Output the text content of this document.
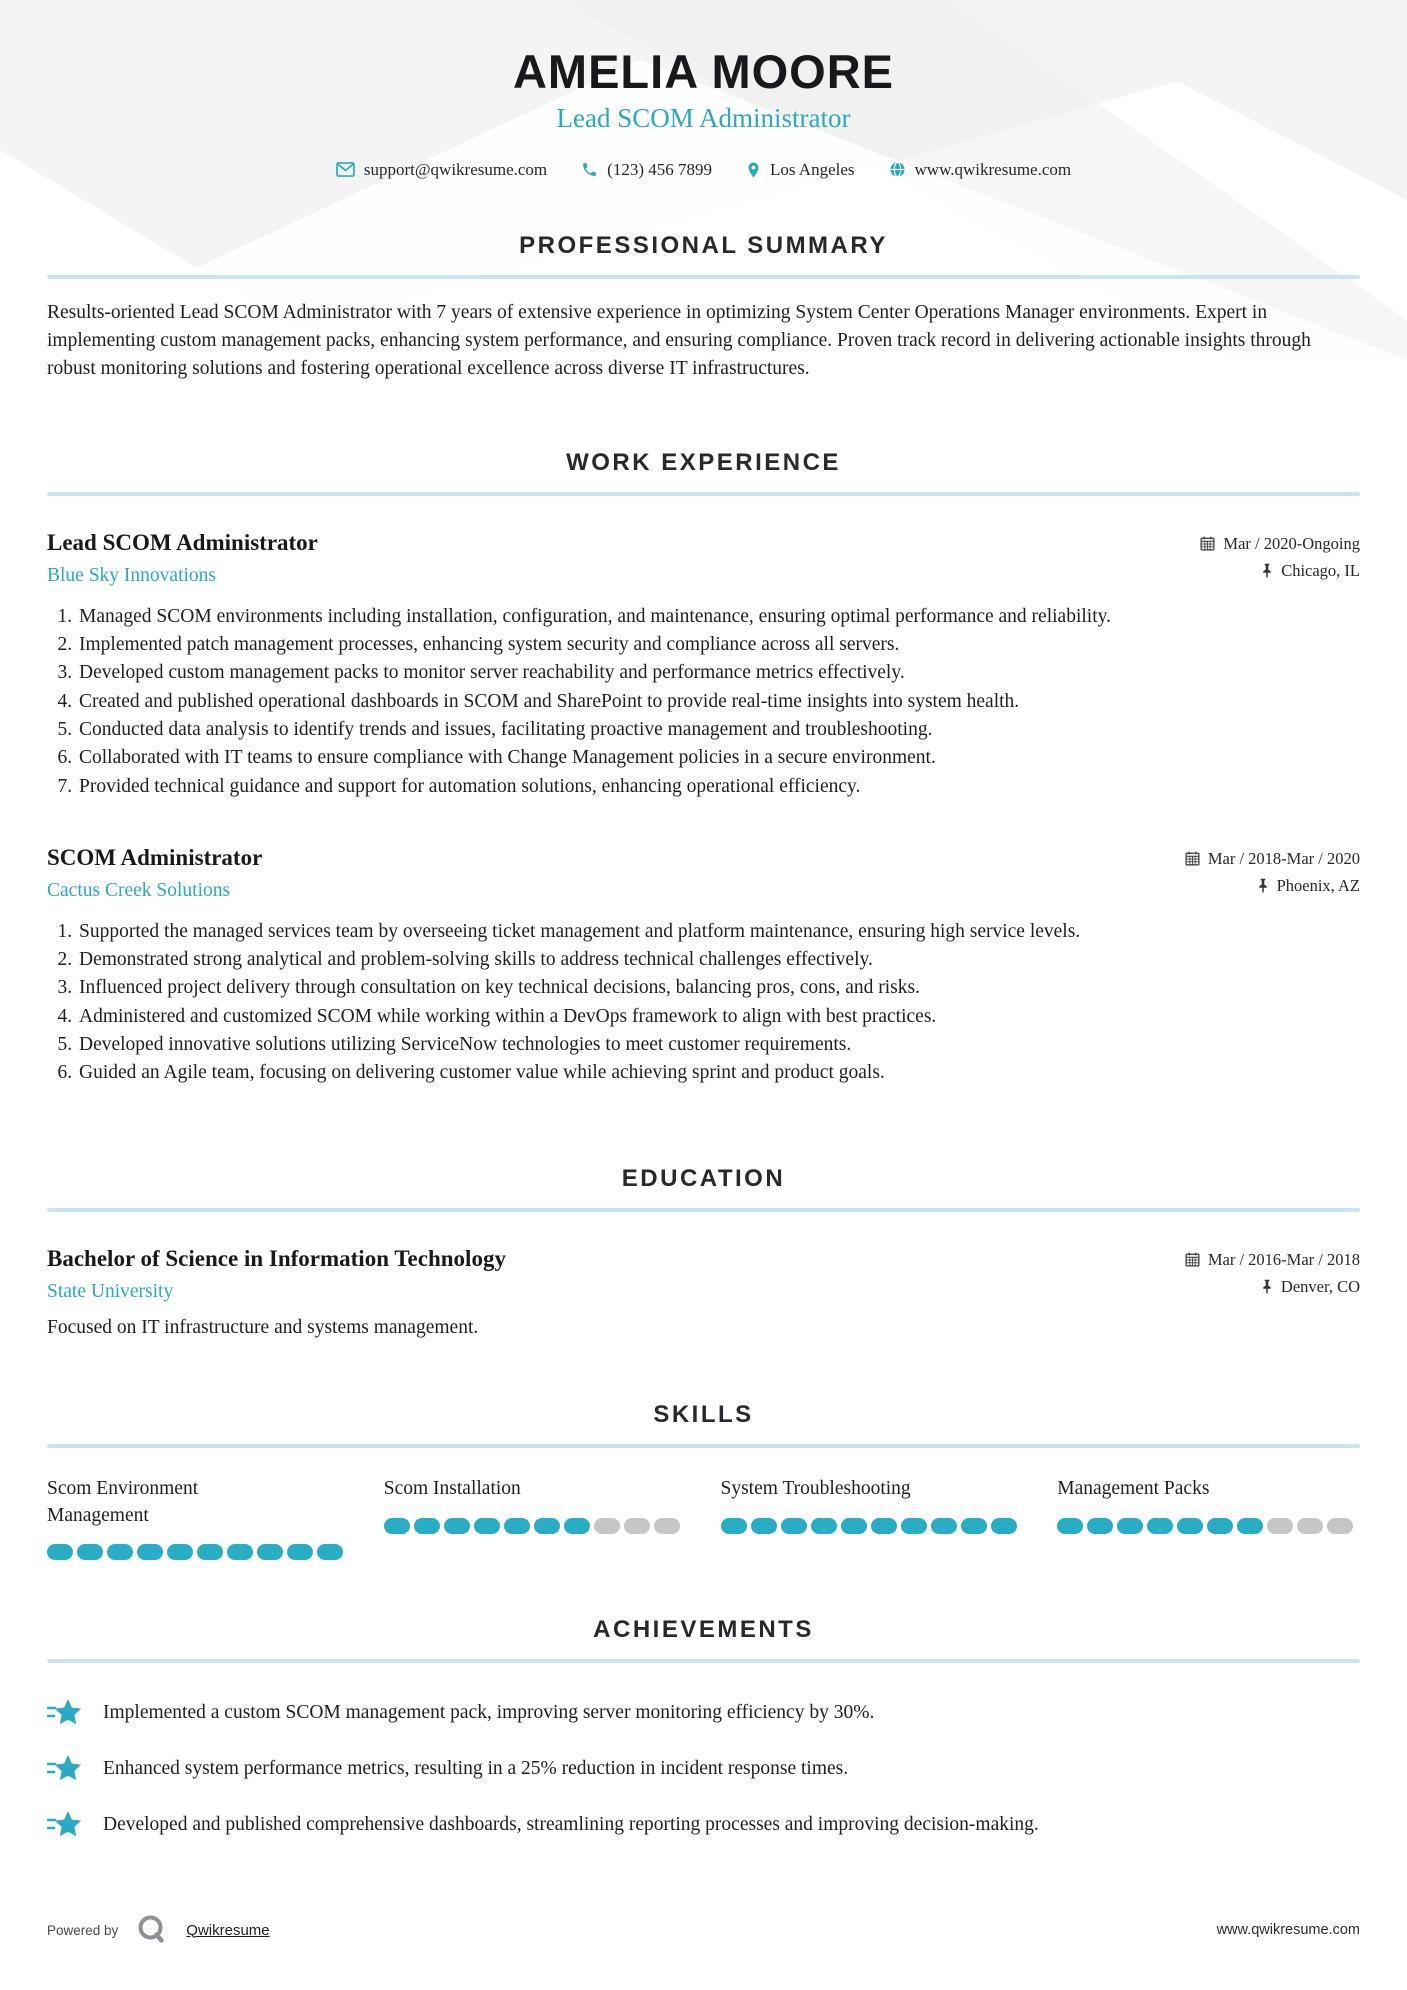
AMELIA MOORE
Lead SCOM Administrator
support@qwikresume.com	(123) 456 7899	Los Angeles	www.qwikresume.com
PROFESSIONAL SUMMARY

Results-oriented Lead SCOM Administrator with 7 years of extensive experience in optimizing System Center Operations Manager environments. Expert in implementing custom management packs, enhancing system performance, and ensuring compliance. Proven track record in delivering actionable insights through robust monitoring solutions and fostering operational excellence across diverse IT infrastructures.

WORK EXPERIENCE
Lead SCOM Administrator
Blue Sky Innovations
Mar / 2020-Ongoing
Chicago, IL
1. Managed SCOM environments including installation, configuration, and maintenance, ensuring optimal performance and reliability.
2. Implemented patch management processes, enhancing system security and compliance across all servers.
3. Developed custom management packs to monitor server reachability and performance metrics effectively.
4. Created and published operational dashboards in SCOM and SharePoint to provide real-time insights into system health.
5. Conducted data analysis to identify trends and issues, facilitating proactive management and troubleshooting.
6. Collaborated with IT teams to ensure compliance with Change Management policies in a secure environment.
7. Provided technical guidance and support for automation solutions, enhancing operational efficiency.
SCOM Administrator
Cactus Creek Solutions
Mar / 2018-Mar / 2020
Phoenix, AZ
1. Supported the managed services team by overseeing ticket management and platform maintenance, ensuring high service levels.
2. Demonstrated strong analytical and problem-solving skills to address technical challenges effectively.
3. Influenced project delivery through consultation on key technical decisions, balancing pros, cons, and risks.
4. Administered and customized SCOM while working within a DevOps framework to align with best practices.
5. Developed innovative solutions utilizing ServiceNow technologies to meet customer requirements.
6. Guided an Agile team, focusing on delivering customer value while achieving sprint and product goals.
EDUCATION
Bachelor of Science in Information Technology
State University
Focused on IT infrastructure and systems management.
Mar / 2016-Mar / 2018
Denver, CO
SKILLS
Scom Environment Management
Scom Installation	System Troubleshooting	Management Packs
ACHIEVEMENTS
Implemented a custom SCOM management pack, improving server monitoring efficiency by 30%.
Enhanced system performance metrics, resulting in a 25% reduction in incident response times.
Developed and published comprehensive dashboards, streamlining reporting processes and improving decision-making.
Powered by	Qwikresume	www.qwikresume.com
